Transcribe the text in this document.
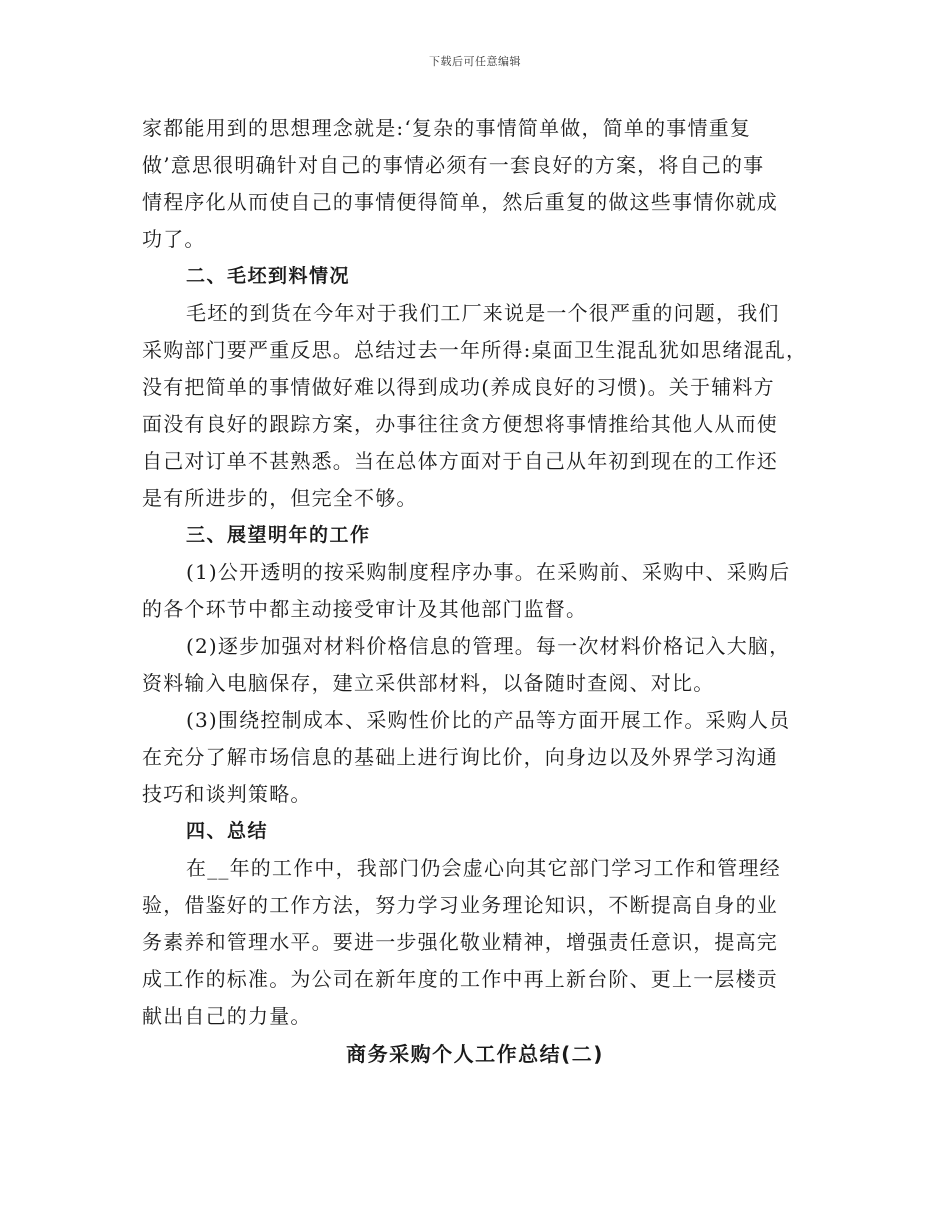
下载后可任意编辑
家都能用到的思想理念就是:‘复杂的事情简单做，简单的事情重复
做’意思很明确针对自己的事情必须有一套良好的方案，将自己的事
情程序化从而使自己的事情便得简单，然后重复的做这些事情你就成
功了。
二、毛坯到料情况
毛坯的到货在今年对于我们工厂来说是一个很严重的问题，我们
采购部门要严重反思。总结过去一年所得:桌面卫生混乱犹如思绪混乱，
没有把简单的事情做好难以得到成功(养成良好的习惯)。关于辅料方
面没有良好的跟踪方案，办事往往贪方便想将事情推给其他人从而使
自己对订单不甚熟悉。当在总体方面对于自己从年初到现在的工作还
是有所进步的，但完全不够。
三、展望明年的工作
(1)公开透明的按采购制度程序办事。在采购前、采购中、采购后
的各个环节中都主动接受审计及其他部门监督。
(2)逐步加强对材料价格信息的管理。每一次材料价格记入大脑，
资料输入电脑保存，建立采供部材料，以备随时查阅、对比。
(3)围绕控制成本、采购性价比的产品等方面开展工作。采购人员
在充分了解市场信息的基础上进行询比价，向身边以及外界学习沟通
技巧和谈判策略。
四、总结
在__年的工作中，我部门仍会虚心向其它部门学习工作和管理经
验，借鉴好的工作方法，努力学习业务理论知识，不断提高自身的业
务素养和管理水平。要进一步强化敬业精神，增强责任意识，提高完
成工作的标准。为公司在新年度的工作中再上新台阶、更上一层楼贡
献出自己的力量。
商务采购个人工作总结(二)
